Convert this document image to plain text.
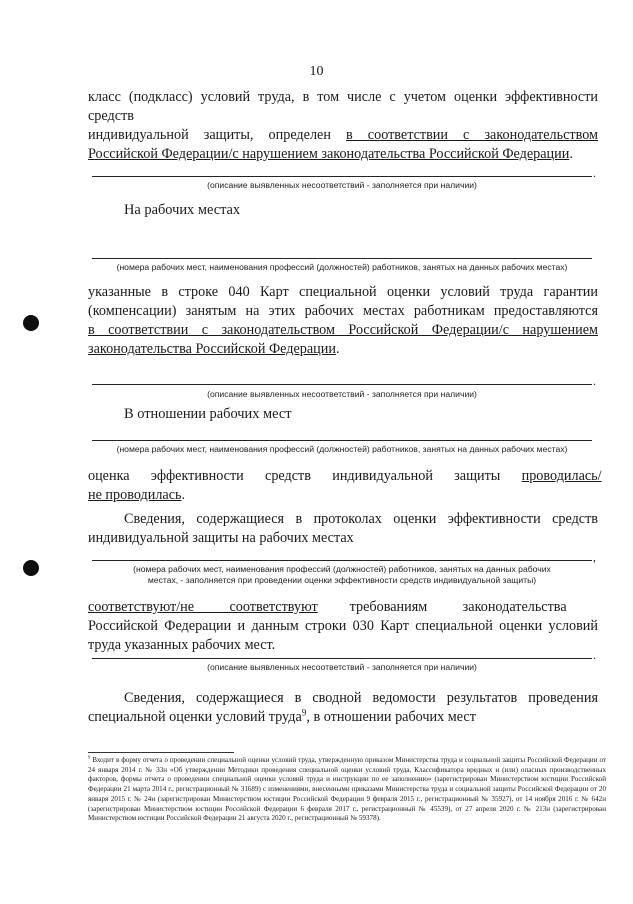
10
класс (подкласс) условий труда, в том числе с учетом оценки эффективности средств
индивидуальной защиты, определен в соответствии с законодательством
Российской Федерации/с нарушением законодательства Российской Федерации.
.
(описание выявленных несоответствий - заполняется при наличии)
На рабочих местах
(номера рабочих мест, наименования профессий (должностей) работников, занятых на данных рабочих местах)
указанные в строке 040 Карт специальной оценки условий труда гарантии
(компенсации) занятым на этих рабочих местах работникам предоставляются
в соответствии с законодательством Российской Федерации/с нарушением
законодательства Российской Федерации.
.
(описание выявленных несоответствий - заполняется при наличии)
В отношении рабочих мест
(номера рабочих мест, наименования профессий (должностей) работников, занятых на данных рабочих местах)
оценка      эффективности      средств      индивидуальной      защиты      проводилась/
не проводилась.
Сведения, содержащиеся в протоколах оценки эффективности средств
индивидуальной защиты на рабочих местах
,
(номера рабочих мест, наименования профессий (должностей) работников, занятых на данных рабочих
местах, - заполняется при проведении оценки эффективности средств индивидуальной защиты)
соответствуют/не          соответствуют         требованиям          законодательства
Российской Федерации и данным строки 030 Карт специальной оценки условий
труда указанных рабочих мест.
.
(описание выявленных несоответствий - заполняется при наличии)
Сведения, содержащиеся в сводной ведомости результатов проведения
специальной оценки условий труда$^9$, в отношении рабочих мест
$^9$ Входит в форму отчета о проведении специальной оценки условий труда, утвержденную приказом Министерства труда и социальной защиты Российской Федерации от 24 января 2014 г. № 33н «Об утверждении Методики проведения специальной оценки условий труда, Классификатора вредных и (или) опасных производственных факторов, формы отчета о проведении специальной оценки условий труда и инструкции по ее заполнению» (зарегистрирован Министерством юстиции Российской Федерации 21 марта 2014 г., регистрационный № 31689) с изменениями, внесенными приказами Министерства труда и социальной защиты Российской Федерации от 20 января 2015 г. № 24н (зарегистрирован Министерством юстиции Российской Федерации 9 февраля 2015 г., регистрационный № 35927), от 14 ноября 2016 г. № 642н (зарегистрирован Министерством юстиции Российской Федерации 6 февраля 2017 г., регистрационный № 45539), от 27 апреля 2020 г. № 213н (зарегистрирован Министерством юстиции Российской Федерации 21 августа 2020 г., регистрационный № 59378).
